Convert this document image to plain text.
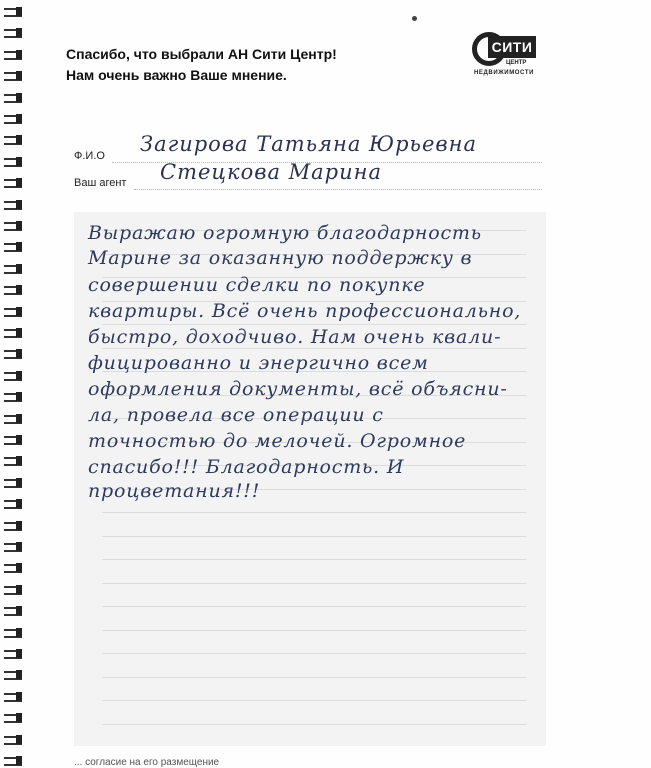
Спасибо, что выбрали АН Сити Центр!
Нам очень важно Ваше мнение.
СИТИ
ЦЕНТР
НЕДВИЖИМОСТИ
Ф.И.О Загирова Татьяна Юрьевна
Ваш агент Стецкова Марина
Выражаю огромную благодарность
Марине за оказанную поддержку в
совершении сделки по покупке
квартиры. Всё очень профессионально,
быстро, доходчиво. Нам очень квали-
фицированно и энергично всем
оформления документы, всё объясни-
ла, провела все операции с
точностью до мелочей. Огромное
спасибо!!! Благодарность. И
процветания!!!
... согласие на его размещение
